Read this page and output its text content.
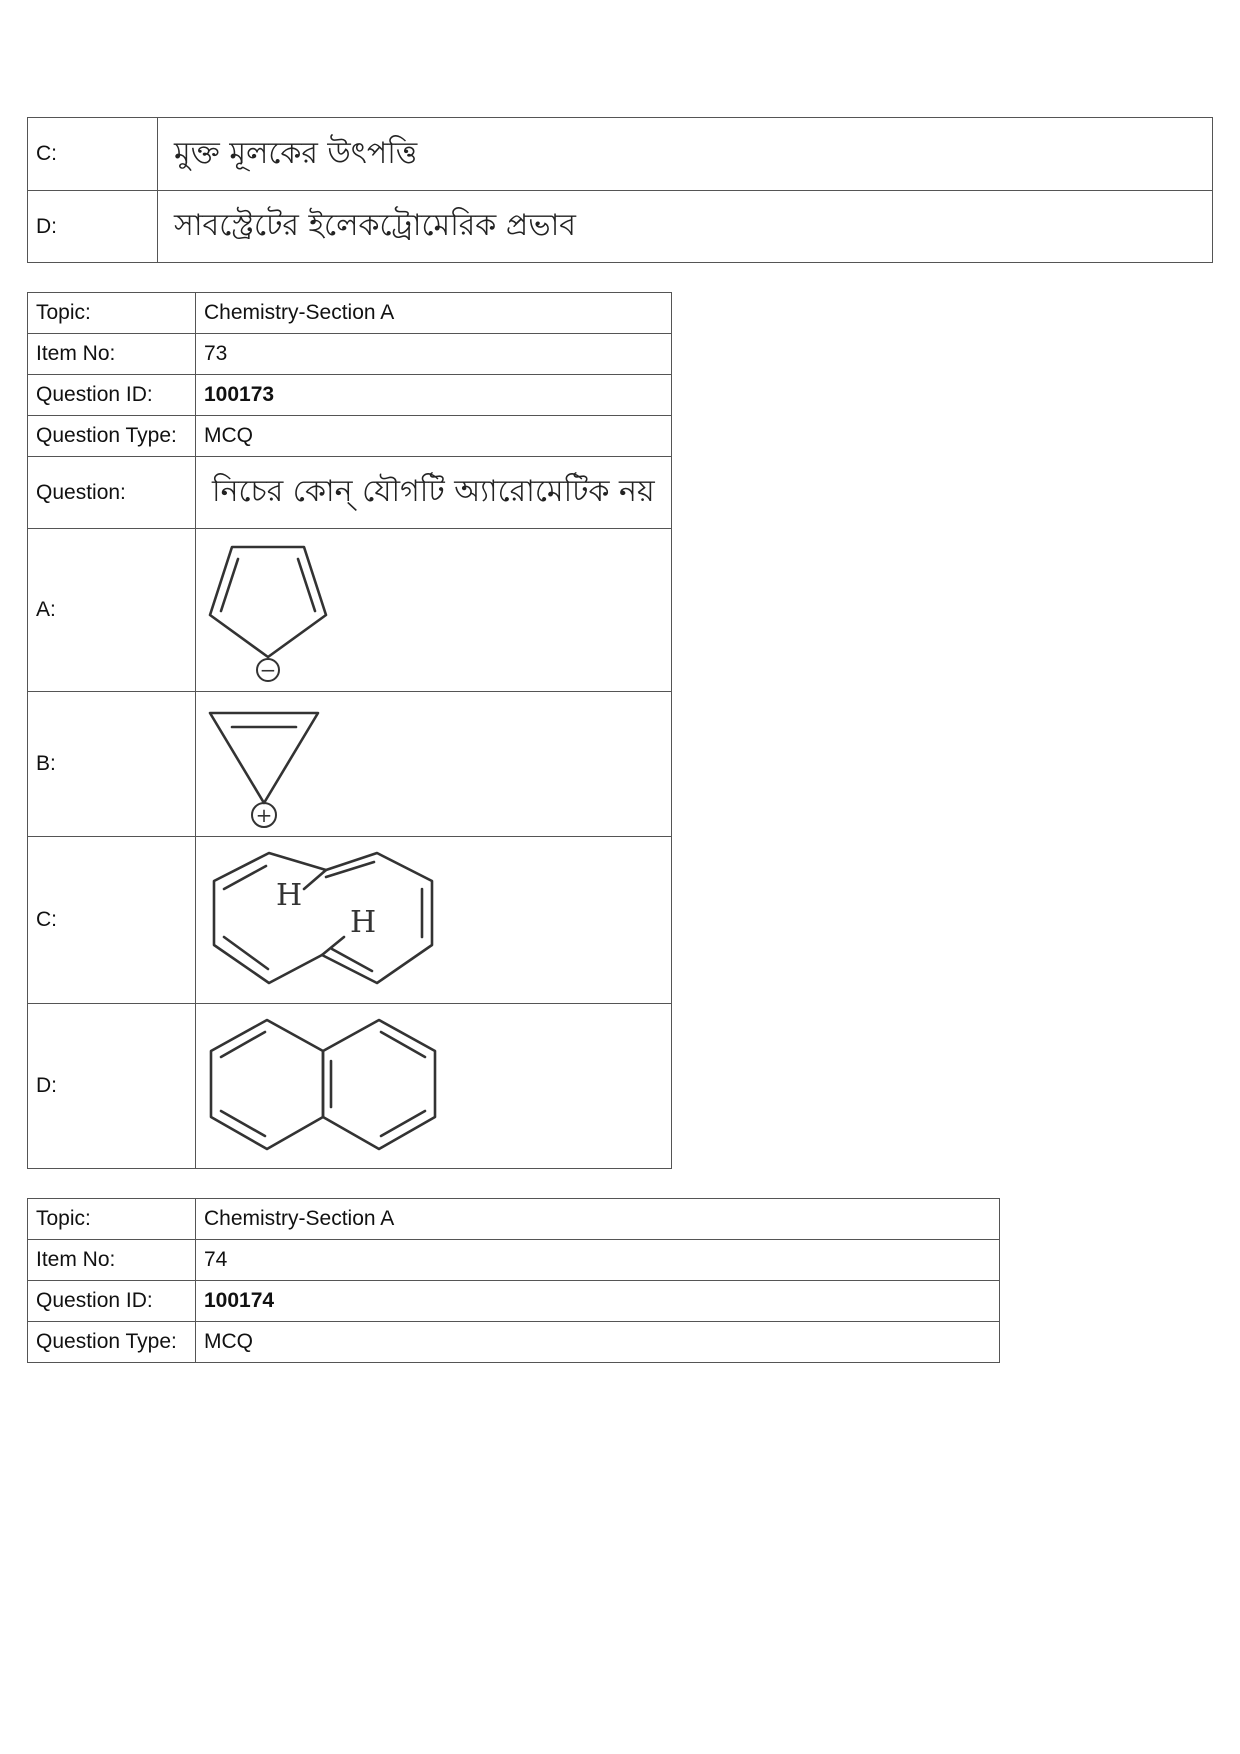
C:	মুক্ত মূলকের উৎপত্তি
D:	সাবস্ট্রেটের ইলেকট্রোমেরিক প্রভাব
Topic:	Chemistry-Section A
Item No:	73
Question ID:	100173
Question Type:	MCQ
Question:	নিচের কোন্ যৌগটি অ্যারোমেটিক নয়
A:	−

B:	+

C:	H
H

D:	
Topic:	Chemistry-Section A
Item No:	74
Question ID:	100174
Question Type:	MCQ
